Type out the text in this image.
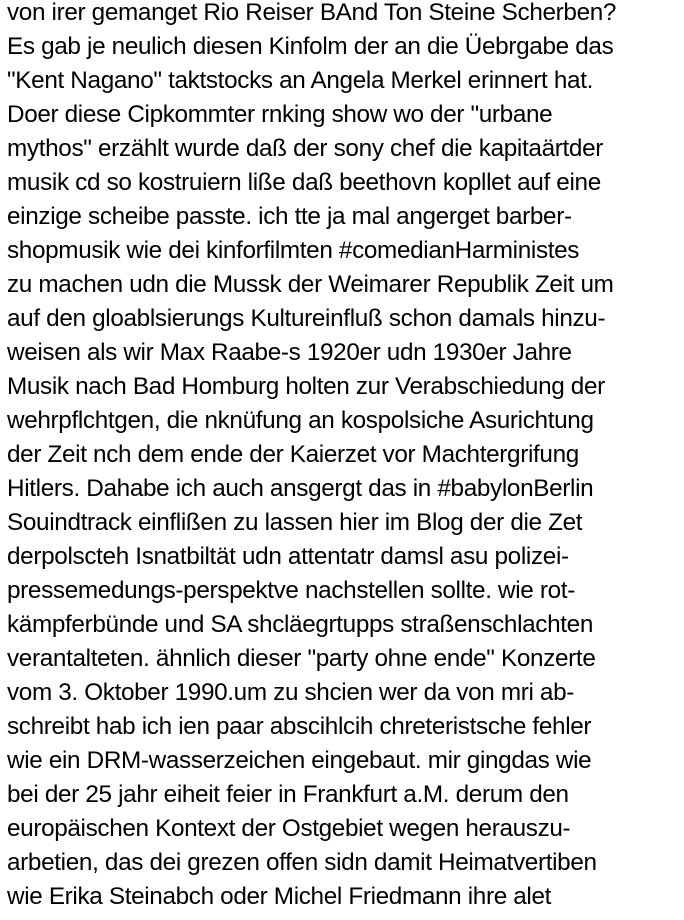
von irer gemanget Rio Reiser BAnd Ton Steine Scherben?
Es gab je neulich diesen Kinfolm der an die Üebrgabe das
"Kent Nagano" taktstocks an Angela Merkel erinnert hat.
Doer diese Cipkommter rnking show wo der "urbane
mythos" erzählt wurde daß der sony chef die kapitaärtder
musik cd so kostruiern liße daß beethovn kopllet auf eine
einzige scheibe passte. ich tte ja mal angerget barber-
shopmusik wie dei kinforfilmten #comedianHarministes
zu machen udn die Mussk der Weimarer Republik Zeit um
auf den gloablsierungs Kultureinfluß schon damals hinzu-
weisen als wir Max Raabe-s 1920er udn 1930er Jahre
Musik nach Bad Homburg holten zur Verabschiedung der
wehrpflchtgen, die nknüfung an kospolsiche Asurichtung
der Zeit nch dem ende der Kaierzet vor Machtergrifung
Hitlers. Dahabe ich auch ansgergt das in #babylonBerlin
Souindtrack einflißen zu lassen hier im Blog der die Zet
derpolscteh Isnatbiltät udn attentatr damsl asu polizei-
pressemedungs-perspektve nachstellen sollte. wie rot-
kämpferbünde und SA shcläegrtupps straßenschlachten
verantalteten. ähnlich dieser "party ohne ende" Konzerte
vom 3. Oktober 1990.um zu shcien wer da von mri ab-
schreibt hab ich ien paar abscihlcih chreteristsche fehler
wie ein DRM-wasserzeichen eingebaut. mir gingdas wie
bei der 25 jahr eiheit feier in Frankfurt a.M. derum den
europäischen Kontext der Ostgebiet wegen herauszu-
arbetien, das dei grezen offen sidn damit Heimatvertiben
wie Erika Steinabch oder Michel Friedmann ihre alet
